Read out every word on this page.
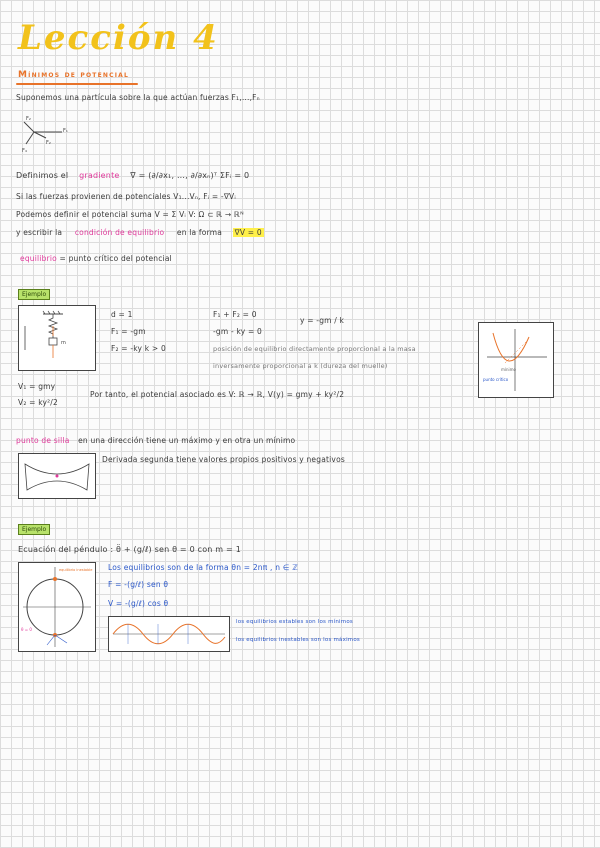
Lección 4
Mínimos de potencial
Suponemos una partícula sobre la que actúan fuerzas F₁,...,Fₙ
F₂
F₁
F₂
F₄
Definimos el gradiente ∇ = (∂/∂x₁, ..., ∂/∂xₙ)ᵀ ΣFᵢ = 0
Si las fuerzas provienen de potenciales V₁...Vₙ, Fᵢ = -∇Vᵢ
Podemos definir el potencial suma V = Σ Vᵢ V: Ω ⊂ ℝ → ℝᴺ
y escribir la condición de equilibrio en la forma ∇V = 0
equilibrio = punto crítico del potencial
Ejemplo
m
d = 1
F₁ = -gm
F₂ = -ky k > 0
F₁ + F₂ = 0
-gm - ky = 0
y = -gm / k
posición de equilibrio directamente proporcional a la masa
inversamente proporcional a k (dureza del muelle)	mínimo
punto crítico
V₁ = gmy
V₂ = ky²/2
Por tanto, el potencial asociado es V: ℝ → ℝ, V(y) = gmy + ky²/2
punto de silla en una dirección tiene un máximo y en otra un mínimo
Derivada segunda tiene valores propios positivos y negativos
Ejemplo
Ecuación del péndulo : θ̈ + (g/ℓ) sen θ = 0 con m = 1
equilibrio inestable
θ = 0
Los equilibrios son de la forma θn = 2nπ , n ∈ ℤ
F = -(g/ℓ) sen θ
V = -(g/ℓ) cos θ
los equilibrios estables son los mínimos
los equilibrios inestables son los máximos
